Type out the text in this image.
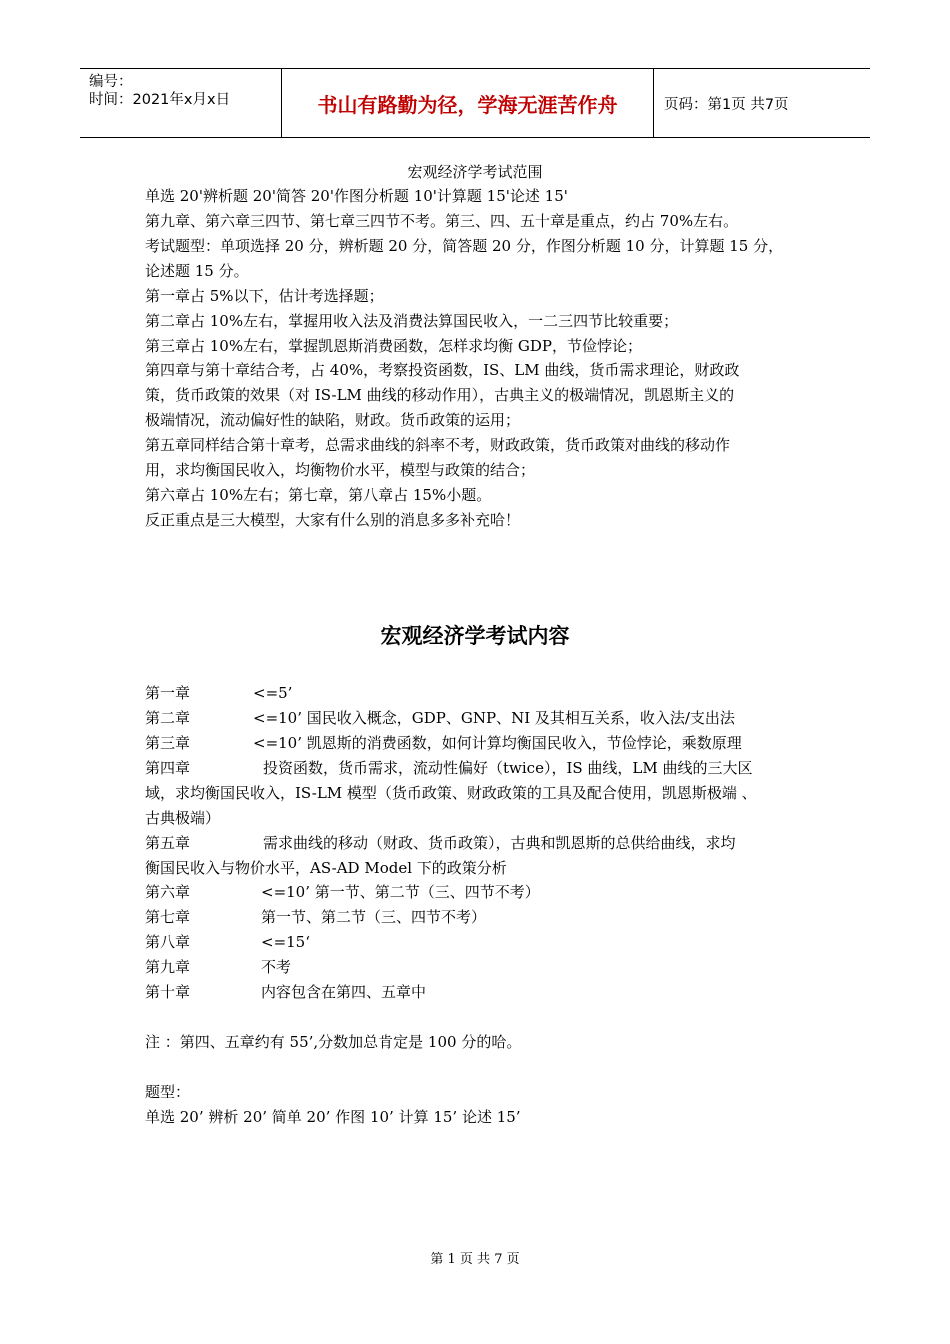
编号：
时间：2021年x月x日	书山有路勤为径，学海无涯苦作舟	页码：第1页 共7页
宏观经济学考试范围
单选 20'辨析题 20'简答 20'作图分析题 10'计算题 15'论述 15'
第九章、第六章三四节、第七章三四节不考。第三、四、五十章是重点，约占 70%左右。
考试题型：单项选择 20 分，辨析题 20 分，简答题 20 分，作图分析题 10 分，计算题 15 分，
论述题 15 分。
第一章占 5%以下，估计考选择题；
第二章占 10%左右，掌握用收入法及消费法算国民收入，一二三四节比较重要；
第三章占 10%左右，掌握凯恩斯消费函数，怎样求均衡 GDP，节俭悖论；
第四章与第十章结合考，占 40%，考察投资函数，IS、LM 曲线，货币需求理论，财政政
策，货币政策的效果（对 IS-LM 曲线的移动作用），古典主义的极端情况，凯恩斯主义的
极端情况，流动偏好性的缺陷，财政。货币政策的运用；
第五章同样结合第十章考，总需求曲线的斜率不考，财政政策，货币政策对曲线的移动作
用，求均衡国民收入，均衡物价水平，模型与政策的结合；
第六章占 10%左右；第七章，第八章占 15%小题。
反正重点是三大模型，大家有什么别的消息多多补充哈！
宏观经济学考试内容
第一章	<=5’
第二章	<=10’ 国民收入概念，GDP、GNP、NI 及其相互关系，收入法/支出法
第三章	<=10’ 凯恩斯的消费函数，如何计算均衡国民收入，节俭悖论，乘数原理
第四章	投资函数，货币需求，流动性偏好（twice），IS 曲线，LM 曲线的三大区
域，求均衡国民收入，IS-LM 模型（货币政策、财政政策的工具及配合使用，凯恩斯极端 、
古典极端）
第五章	需求曲线的移动（财政、货币政策），古典和凯恩斯的总供给曲线，求均
衡国民收入与物价水平，AS-AD Model 下的政策分析
第六章	<=10’ 第一节、第二节（三、四节不考）
第七章	第一节、第二节（三、四节不考）
第八章	<=15‘
第九章	不考
第十章	内容包含在第四、五章中
注 ：第四、五章约有 55’,分数加总肯定是 100 分的哈。
题型：
单选 20’ 辨析 20’ 简单 20’ 作图 10’ 计算 15’ 论述 15’
第 1 页 共 7 页
